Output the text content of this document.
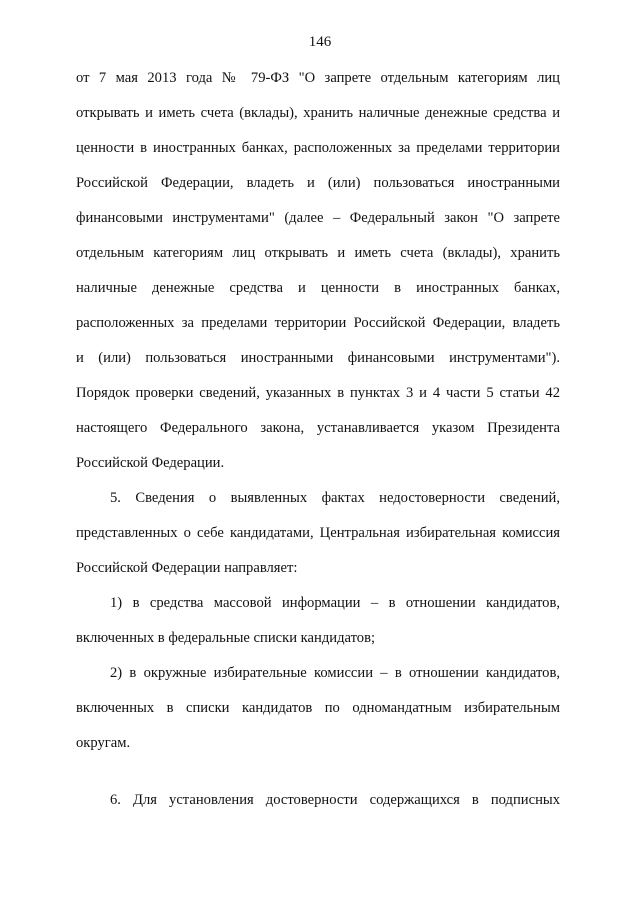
146
от 7 мая 2013 года № 79-ФЗ "О запрете отдельным категориям лиц
открывать и иметь счета (вклады), хранить наличные денежные средства и
ценности в иностранных банках, расположенных за пределами территории
Российской Федерации, владеть и (или) пользоваться иностранными
финансовыми инструментами" (далее – Федеральный закон "О запрете
отдельным категориям лиц открывать и иметь счета (вклады), хранить
наличные денежные средства и ценности в иностранных банках,
расположенных за пределами территории Российской Федерации, владеть
и (или) пользоваться иностранными финансовыми инструментами").
Порядок проверки сведений, указанных в пунктах 3 и 4 части 5 статьи 42
настоящего Федерального закона, устанавливается указом Президента
Российской Федерации.
5. Сведения о выявленных фактах недостоверности сведений,
представленных о себе кандидатами, Центральная избирательная комиссия
Российской Федерации направляет:
1) в средства массовой информации – в отношении кандидатов,
включенных в федеральные списки кандидатов;
2) в окружные избирательные комиссии – в отношении кандидатов,
включенных в списки кандидатов по одномандатным избирательным
округам.
6. Для установления достоверности содержащихся в подписных
